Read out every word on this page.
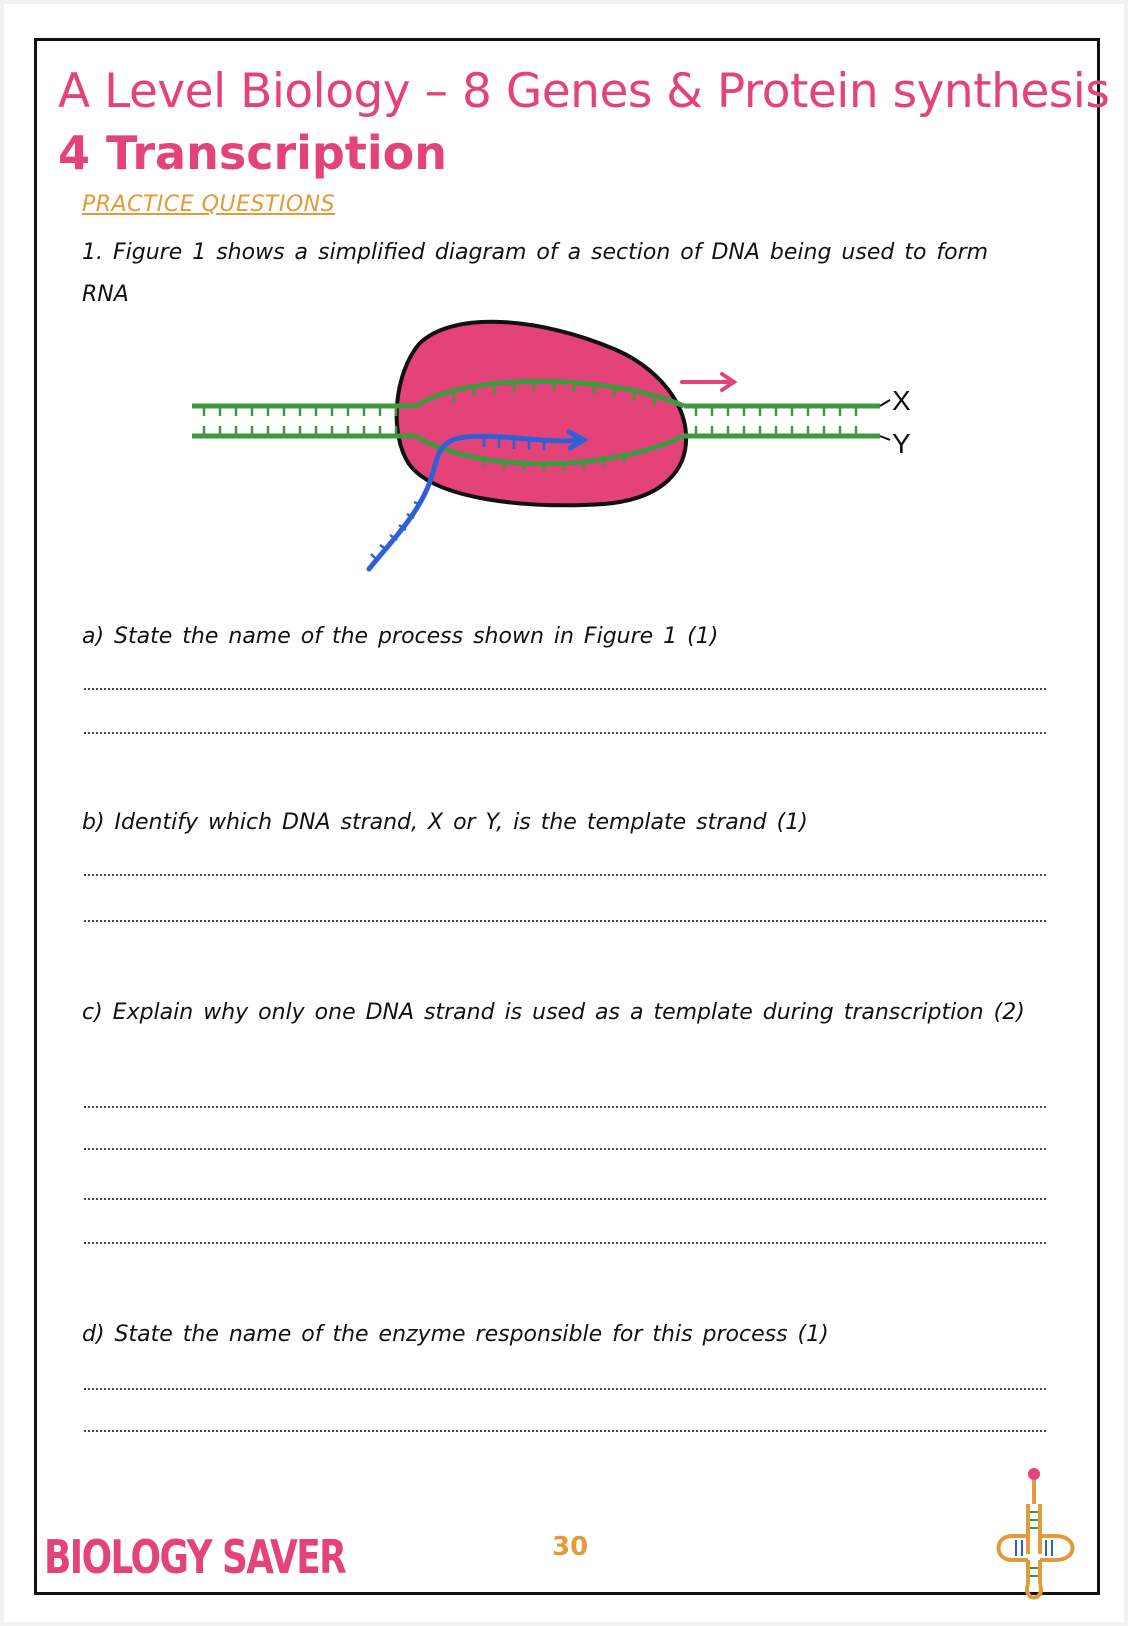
A Level Biology – 8 Genes & Protein synthesis
4 Transcription
PRACTICE QUESTIONS
1. Figure 1 shows a simplified diagram of a section of DNA being used to form RNA
X
Y
a) State the name of the process shown in Figure 1 (1)
b) Identify which DNA strand, X or Y, is the template strand (1)
c) Explain why only one DNA strand is used as a template during transcription (2)
d) State the name of the enzyme responsible for this process (1)
BIOLOGY SAVER	30
